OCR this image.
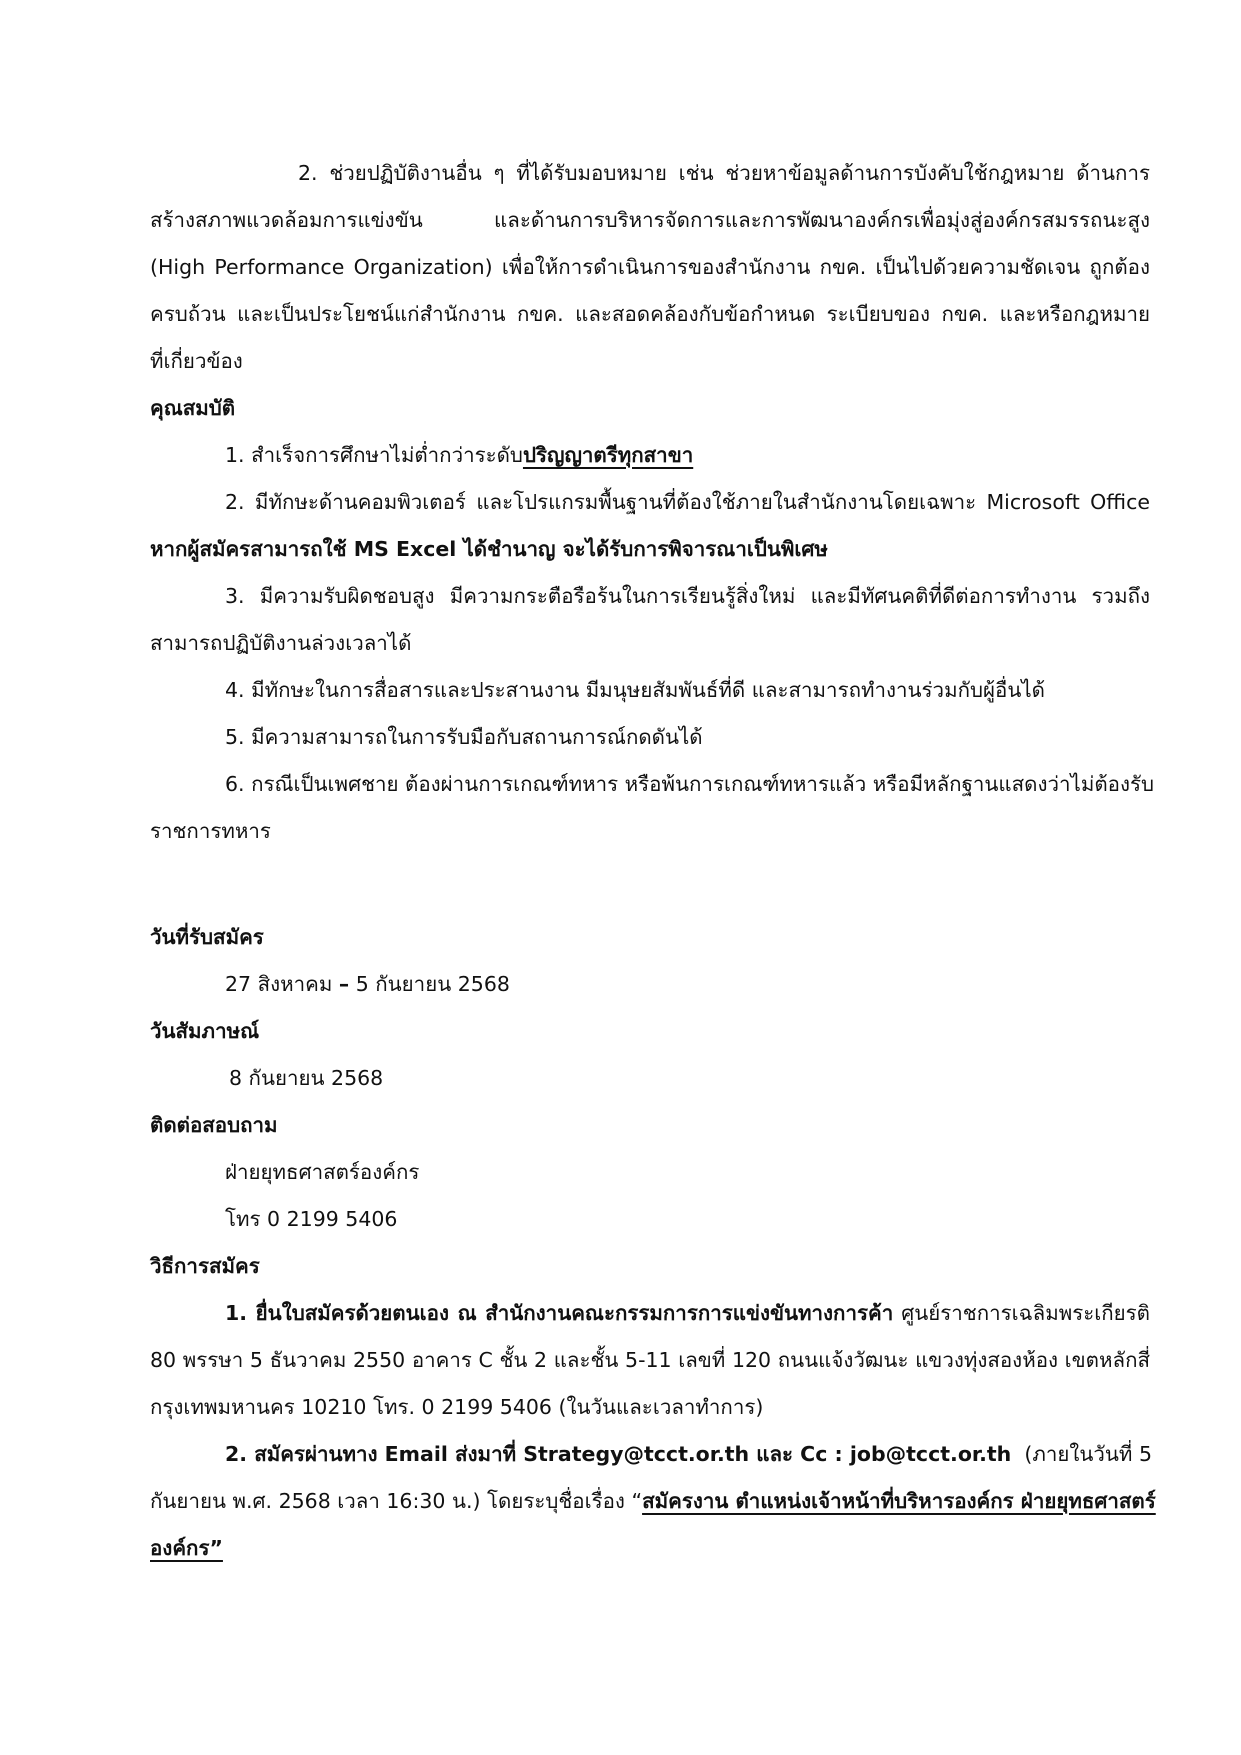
2. ช่วยปฏิบัติงานอื่น ๆ ที่ได้รับมอบหมาย เช่น ช่วยหาข้อมูลด้านการบังคับใช้กฎหมาย ด้านการ
สร้างสภาพแวดล้อมการแข่งขัน และด้านการบริหารจัดการและการพัฒนาองค์กรเพื่อมุ่งสู่องค์กรสมรรถนะสูง
(High Performance Organization) เพื่อให้การดำเนินการของสำนักงาน กขค. เป็นไปด้วยความชัดเจน ถูกต้อง
ครบถ้วน และเป็นประโยชน์แก่สำนักงาน กขค. และสอดคล้องกับข้อกำหนด ระเบียบของ กขค. และหรือกฎหมาย
ที่เกี่ยวข้อง
คุณสมบัติ
1. สำเร็จการศึกษาไม่ต่ำกว่าระดับปริญญาตรีทุกสาขา
2. มีทักษะด้านคอมพิวเตอร์ และโปรแกรมพื้นฐานที่ต้องใช้ภายในสำนักงานโดยเฉพาะ Microsoft Office
หากผู้สมัครสามารถใช้ MS Excel ได้ชำนาญ จะได้รับการพิจารณาเป็นพิเศษ
3. มีความรับผิดชอบสูง มีความกระตือรือร้นในการเรียนรู้สิ่งใหม่ และมีทัศนคติที่ดีต่อการทำงาน รวมถึง
สามารถปฏิบัติงานล่วงเวลาได้
4. มีทักษะในการสื่อสารและประสานงาน มีมนุษยสัมพันธ์ที่ดี และสามารถทำงานร่วมกับผู้อื่นได้
5. มีความสามารถในการรับมือกับสถานการณ์กดดันได้
6. กรณีเป็นเพศชาย ต้องผ่านการเกณฑ์ทหาร หรือพ้นการเกณฑ์ทหารแล้ว หรือมีหลักฐานแสดงว่าไม่ต้องรับ
ราชการทหาร
วันที่รับสมัคร
27 สิงหาคม – 5 กันยายน 2568
วันสัมภาษณ์
8 กันยายน 2568
ติดต่อสอบถาม
ฝ่ายยุทธศาสตร์องค์กร
โทร 0 2199 5406
วิธีการสมัคร
1. ยื่นใบสมัครด้วยตนเอง ณ สำนักงานคณะกรรมการการแข่งขันทางการค้า ศูนย์ราชการเฉลิมพระเกียรติ
80 พรรษา 5 ธันวาคม 2550 อาคาร C ชั้น 2 และชั้น 5-11 เลขที่ 120 ถนนแจ้งวัฒนะ แขวงทุ่งสองห้อง เขตหลักสี่
กรุงเทพมหานคร 10210 โทร. 0 2199 5406 (ในวันและเวลาทำการ)
2. สมัครผ่านทาง Email ส่งมาที่ Strategy@tcct.or.th และ Cc : job@tcct.or.th (ภายในวันที่ 5
กันยายน พ.ศ. 2568 เวลา 16:30 น.) โดยระบุชื่อเรื่อง “สมัครงาน ตำแหน่งเจ้าหน้าที่บริหารองค์กร ฝ่ายยุทธศาสตร์
องค์กร”
